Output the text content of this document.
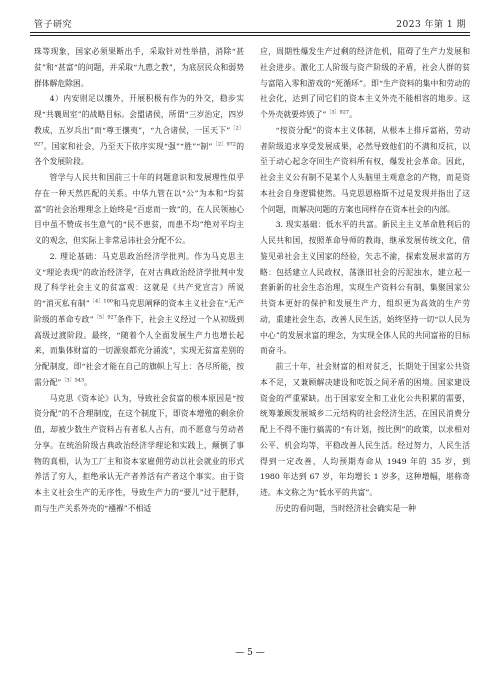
管子研究	2023 年第 1 期

珠等现象，国家必须果断出手，采取针对性举措，消除“甚贫”和“甚富”的问题，并采取“九惠之教”，为底层民众和弱势群体解危除困。

4）内安则足以攘外，开展积极有作为的外交，稳步实现“共襄周室”的战略目标。会盟诸侯，所谓“三岁治定，四岁教成，五岁兵出”而“尊王攘夷”，“九合诸侯，一匡天下”$^{[2]927}$。国家和社会，乃至天下依序实现“强”“胜”“制”$^{[2]972}$的各个发展阶段。

管学与人民共和国前三十年的问题意识和发展理性似乎存在一种天然匹配的关系。中华九管在以“公”为本和“均贫富”的社会治理理念上始终是“百虑而一致”的，在人民领袖心目中虽不赞成书生意气的“民不患贫，而患不均”绝对平均主义的观念，但实际上非常忌讳社会分配不公。

2. 理论基础：马克思政治经济学批判。作为马克思主义“理论表现”的政治经济学，在对古典政治经济学批判中发现了科学社会主义的贫富观：这就是《共产党宣言》所说的“消灭私有制”$^{[4]100}$和马克思阐释的资本主义社会在“无产阶级的革命专政”$^{[5]927}$条件下，社会主义经过一个从初级到高级过渡阶段。最终，“随着个人全面发展生产力也增长起来，而集体财富的一切源泉都充分涌流”，实现无贫富差别的分配制度，即“社会才能在自己的旗帜上写上：各尽所能，按需分配”$^{[3]543}$。

马克思《资本论》认为，导致社会贫富的根本原因是“按资分配”的不合理制度，在这个制度下，即资本增殖的剩余价值，却被少数生产资料占有者私人占有，而不愿意与劳动者分享。在统治阶级古典政治经济学理论和实践上，颠倒了事物的真相，认为工厂主和资本家雇佣劳动以社会就业的形式养活了穷人，拒绝承认无产者养活有产者这个事实。由于资本主义社会生产的无序性，导致生产力的“要儿”过于肥胖，而与生产关系外壳的“襁褓”不相适

应，周期性爆发生产过剩的经济危机，阻碍了生产力发展和社会进步。激化工人阶级与资产阶级的矛盾，社会人群的贫与富陷入零和游戏的“死循环”。即“生产资料的集中和劳动的社会化，达到了同它们的资本主义外壳不能相容的地步。这个外壳就要炸毁了”$^{[3]927}$。

“按资分配”的资本主义体制，从根本上排斥富裕，劳动者阶级追求享受发展成果，必然导致他们的不满和反抗，以至于动心起念夺回生产资料所有权，爆发社会革命。因此，社会主义公有制不是某个人头脑里主观意念的产物，而是资本社会自身逻辑使然。马克思恩格斯不过是发现并指出了这个问题，而解决问题的方案也同样存在资本社会的内部。

3. 现实基础：低水平的共富。新民主主义革命胜利后的人民共和国，按照革命导师的教诲，继承发展传统文化，借鉴见弟社会主义国家的经验，矢志不渝，探索发展求富的方略：包括建立人民政权，荡涤旧社会的污泥浊水，建立起一套新新的社会生态治理，实现生产资料公有制，集聚国家公共资本更好的保护和发展生产力，组织更为高效的生产劳动，重建社会生态，改善人民生活，始终坚持一切“以人民为中心”的发展求富的理念，为实现全体人民的共同富裕的目标而奋斗。

前三十年，社会财富的相对贫乏，长期处于国家公共资本不足，又兼顾解决建设和吃饭之间矛盾的困境。国家建设资金的严重紧缺。出于国家安全和工业化公共积累的需要，统筹兼顾发展城乡二元结构的社会经济生活，在国民消费分配上不得不施行搞需的“有计划，按比例”的政策，以求相对公平、机会均等，平稳改善人民生活。经过努力，人民生活得到一定改善，人均预期寿命从 1949 年的 35 岁，到 1980 年达到 67 岁，年均增长 1 岁多，这种增幅，堪称奇迹。本文称之为“低水平的共富”。

历史的看问题，当时经济社会确实是一种

— 5 —
